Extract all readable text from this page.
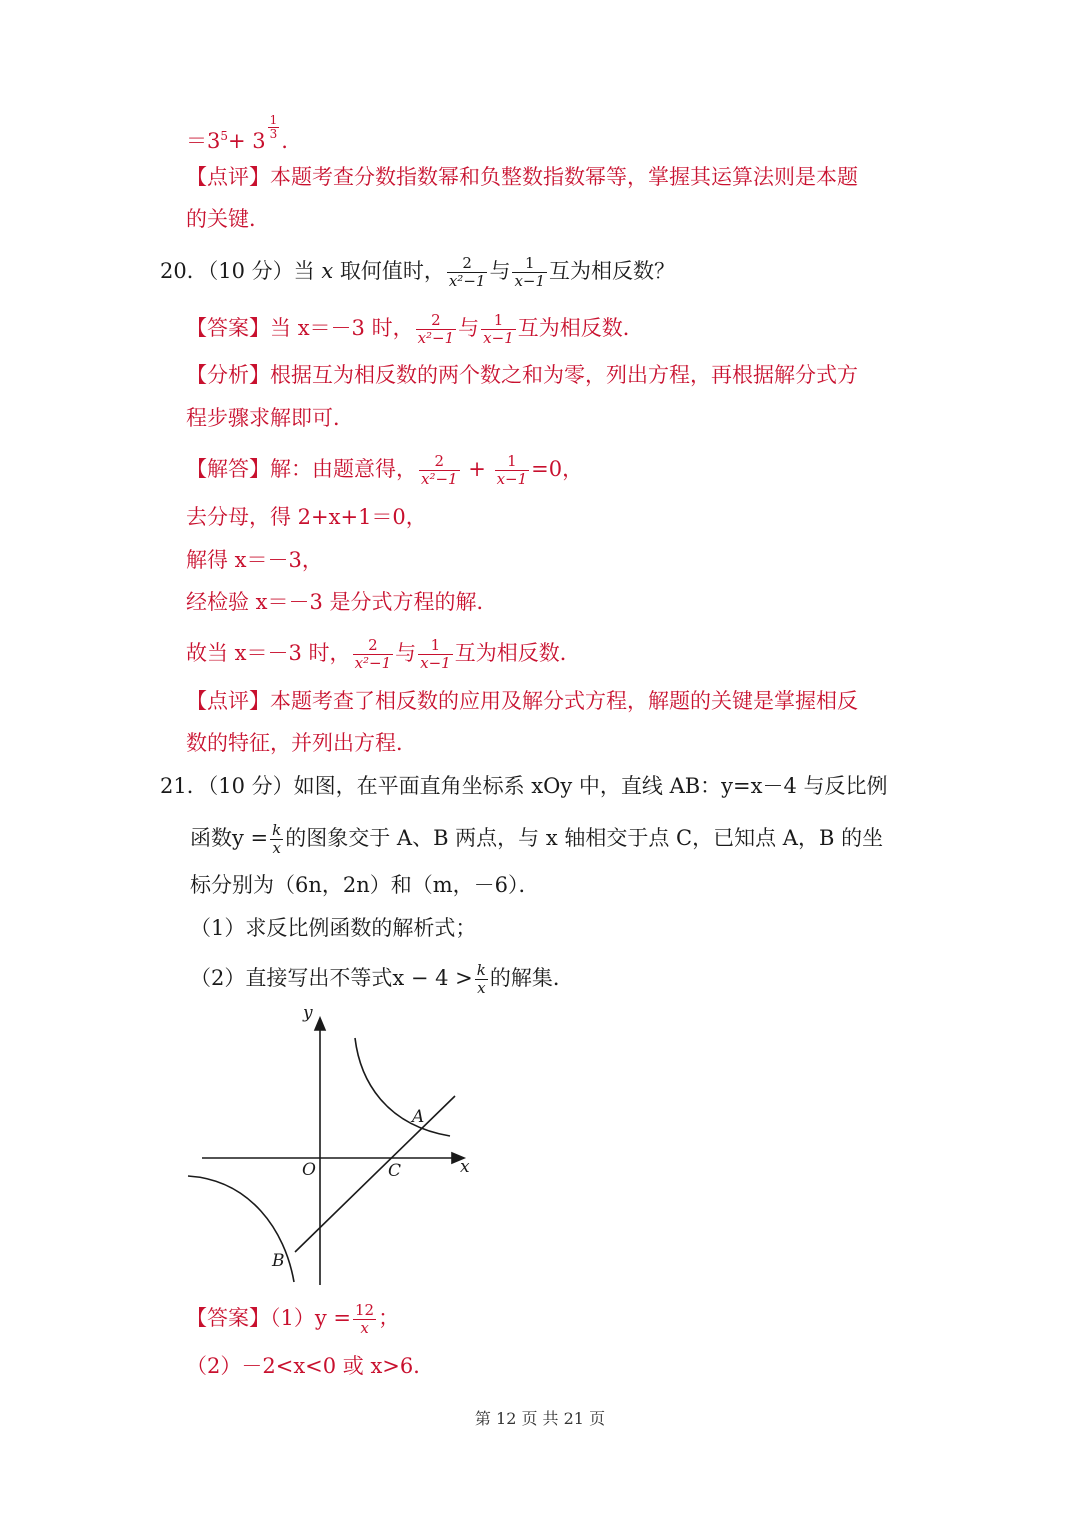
$=3^5+ 3 \frac{1}{3}$ .
【点评】本题考查分数指数幂和负整数指数幂等，掌握其运算法则是本题
的关键．
20．（10 分）当 x 取何值时， $\frac{2}{\text{x²−1}}$ 与 $\frac{1}{x-1}$ 互为相反数？
【答案】当 x＝－3 时， $\frac{2}{\text{x²−1}}$ 与 $\frac{1}{x-1}$ 互为相反数．
【分析】根据互为相反数的两个数之和为零，列出方程，再根据解分式方
程步骤求解即可．
【解答】解：由题意得， $\frac{2}{\text{x²−1}} + \frac{1}{x-1} =0$，
去分母，得 2+x+1＝0，
解得 x＝－3，
经检验 x＝－3 是分式方程的解．
故当 x＝－3 时， $\frac{2}{\text{x²−1}}$ 与 $\frac{1}{x-1}$ 互为相反数．
【点评】本题考查了相反数的应用及解分式方程，解题的关键是掌握相反
数的特征，并列出方程．
21．（10 分）如图，在平面直角坐标系 xOy 中，直线 AB：y=x－4 与反比例
函数$y = \frac{k}{x}$ 的图象交于 A、B 两点，与 x 轴相交于点 C，已知点 A，B 的坐
标分别为（6n，2n）和（m，－6）．
（1）求反比例函数的解析式；
（2）直接写出不等式$x - 4 > \frac{k}{x}$ 的解集．
y
x
O
A
C
B
【答案】$(1)y = \frac{12}{x}$ ；
（2）－2<x<0 或 x>6．
第 12 页 共 21 页
